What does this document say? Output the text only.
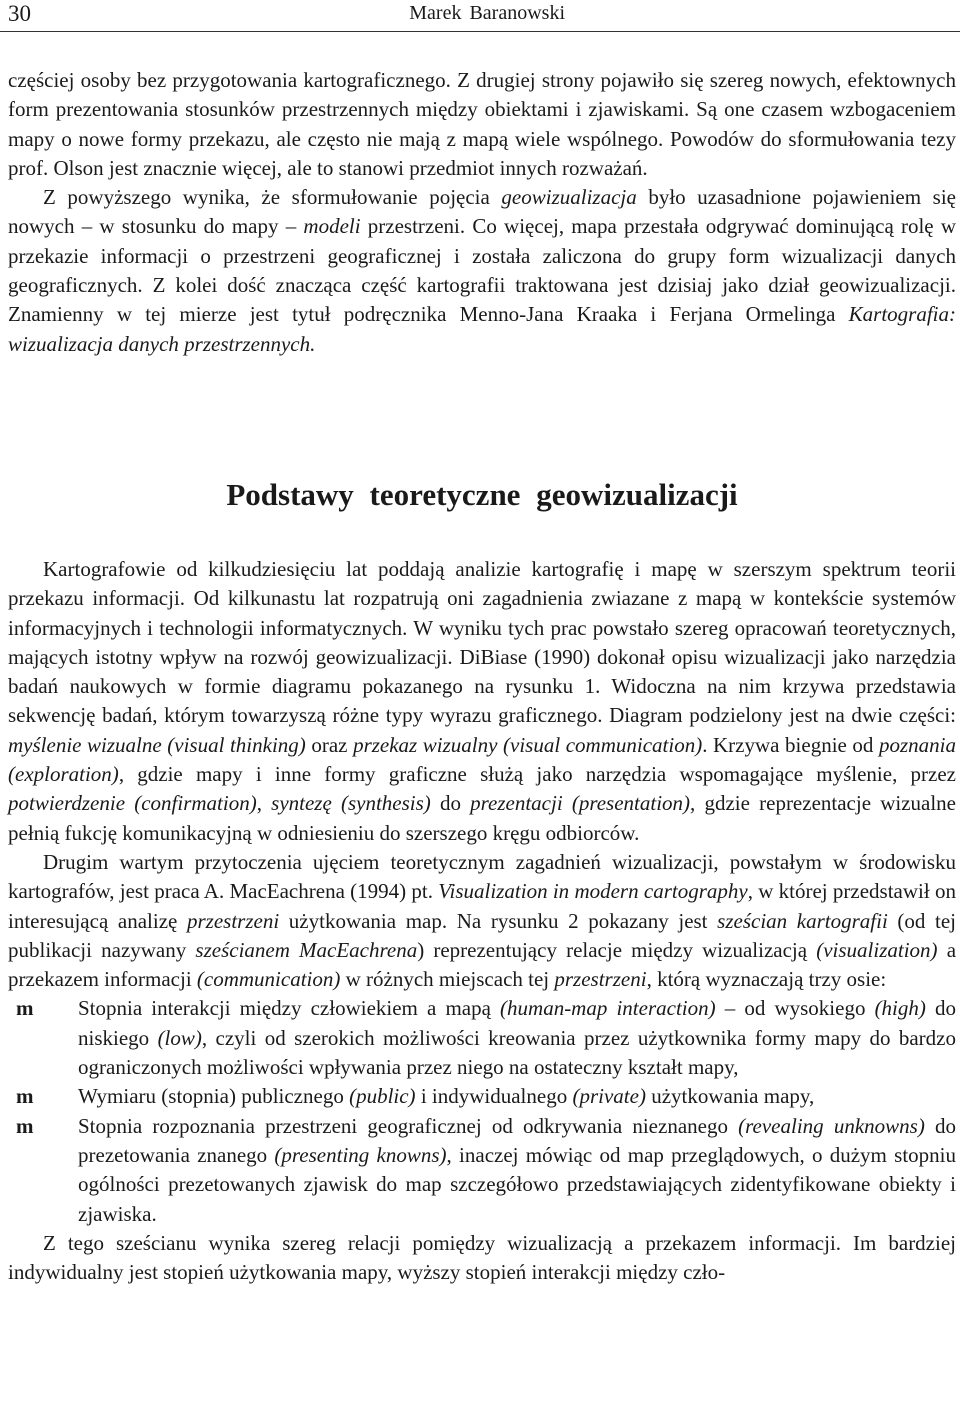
30	Marek Baranowski

częściej osoby bez przygotowania kartograficznego. Z drugiej strony pojawiło się szereg nowych, efektownych form prezentowania stosunków przestrzennych między obiektami i zjawiskami. Są one czasem wzbogaceniem mapy o nowe formy przekazu, ale często nie mają z mapą wiele wspólnego. Powodów do sformułowania tezy prof. Olson jest znacznie więcej, ale to stanowi przedmiot innych rozważań.

Z powyższego wynika, że sformułowanie pojęcia geowizualizacja było uzasadnione pojawieniem się nowych – w stosunku do mapy – modeli przestrzeni. Co więcej, mapa przestała odgrywać dominującą rolę w przekazie informacji o przestrzeni geograficznej i została zaliczona do grupy form wizualizacji danych geograficznych. Z kolei dość znacząca część kartografii traktowana jest dzisiaj jako dział geowizualizacji. Znamienny w tej mierze jest tytuł podręcznika Menno-Jana Kraaka i Ferjana Ormelinga Kartografia: wizualizacja danych przestrzennych.

Podstawy teoretyczne geowizualizacji

Kartografowie od kilkudziesięciu lat poddają analizie kartografię i mapę w szerszym spektrum teorii przekazu informacji. Od kilkunastu lat rozpatrują oni zagadnienia zwiazane z mapą w kontekście systemów informacyjnych i technologii informatycznych. W wyniku tych prac powstało szereg opracowań teoretycznych, mających istotny wpływ na rozwój geowizualizacji. DiBiase (1990) dokonał opisu wizualizacji jako narzędzia badań naukowych w formie diagramu pokazanego na rysunku 1. Widoczna na nim krzywa przedstawia sekwencję badań, którym towarzyszą różne typy wyrazu graficznego. Diagram podzielony jest na dwie części: myślenie wizualne (visual thinking) oraz przekaz wizualny (visual communication). Krzywa biegnie od poznania (exploration), gdzie mapy i inne formy graficzne służą jako narzędzia wspomagające myślenie, przez potwierdzenie (confirmation), syntezę (synthesis) do prezentacji (presentation), gdzie reprezentacje wizualne pełnią fukcję komunikacyjną w odniesieniu do szerszego kręgu odbiorców.

Drugim wartym przytoczenia ujęciem teoretycznym zagadnień wizualizacji, powstałym w środowisku kartografów, jest praca A. MacEachrena (1994) pt. Visualization in modern cartography, w której przedstawił on interesującą analizę przestrzeni użytkowania map. Na rysunku 2 pokazany jest sześcian kartografii (od tej publikacji nazywany sześcianem MacEachrena) reprezentujący relacje między wizualizacją (visualization) a przekazem informacji (communication) w różnych miejscach tej przestrzeni, którą wyznaczają trzy osie:

m Stopnia interakcji między człowiekiem a mapą (human-map interaction) – od wysokiego (high) do niskiego (low), czyli od szerokich możliwości kreowania przez użytkownika formy mapy do bardzo ograniczonych możliwości wpływania przez niego na ostateczny kształt mapy,
m Wymiaru (stopnia) publicznego (public) i indywidualnego (private) użytkowania mapy,
m Stopnia rozpoznania przestrzeni geograficznej od odkrywania nieznanego (revealing unknowns) do prezetowania znanego (presenting knowns), inaczej mówiąc od map przeglądowych, o dużym stopniu ogólności prezetowanych zjawisk do map szczegółowo przedstawiających zidentyfikowane obiekty i zjawiska.

Z tego sześcianu wynika szereg relacji pomiędzy wizualizacją a przekazem informacji. Im bardziej indywidualny jest stopień użytkowania mapy, wyższy stopień interakcji między czło-
